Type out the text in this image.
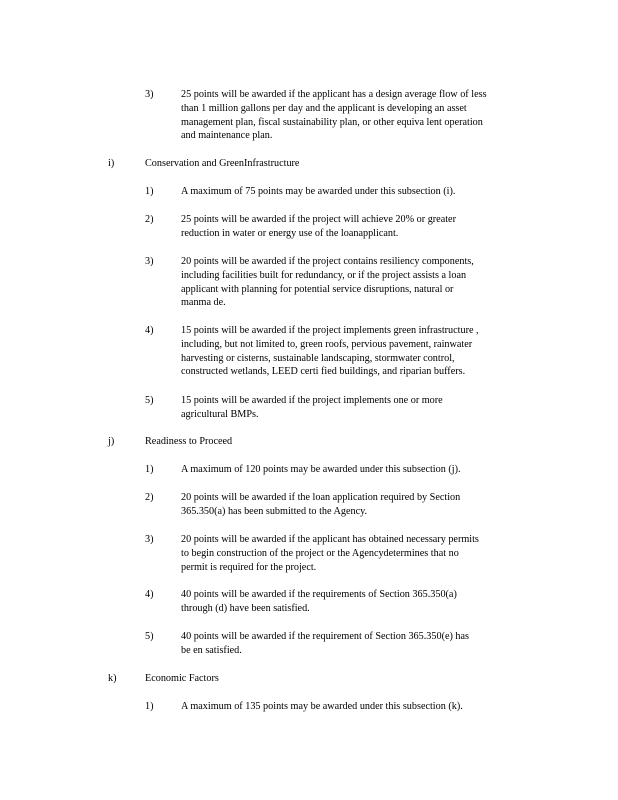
3)	25 points will be awarded if the applicant has a design average flow of less
than 1 million gallons per day and the applicant is developing an asset
management plan, fiscal sustainability plan, or other equiva lent operation
and maintenance plan.
i)	Conservation and GreenInfrastructure
1)	A maximum of 75 points may be awarded under this subsection (i).
2)	25 points will be awarded if the project will achieve 20% or greater
reduction in water or energy use of the loanapplicant.
3)	20 points will be awarded if the project contains resiliency components,
including facilities built for redundancy, or if the project assists a loan
applicant with planning for potential service disruptions, natural or
manma de.
4)	15 points will be awarded if the project implements green infrastructure ,
including, but not limited to, green roofs, pervious pavement, rainwater
harvesting or cisterns, sustainable landscaping, stormwater control,
constructed wetlands, LEED certi fied buildings, and riparian buffers.
5)	15 points will be awarded if the project implements one or more
agricultural BMPs.
j)	Readiness to Proceed
1)	A maximum of 120 points may be awarded under this subsection (j).
2)	20 points will be awarded if the loan application required by Section
365.350(a) has been submitted to the Agency.
3)	20 points will be awarded if the applicant has obtained necessary permits
to begin construction of the project or the Agencydetermines that no
permit is required for the project.
4)	40 points will be awarded if the requirements of Section 365.350(a)
through (d) have been satisfied.
5)	40 points will be awarded if the requirement of Section 365.350(e) has
be en satisfied.
k)	Economic Factors
1)	A maximum of 135 points may be awarded under this subsection (k).
